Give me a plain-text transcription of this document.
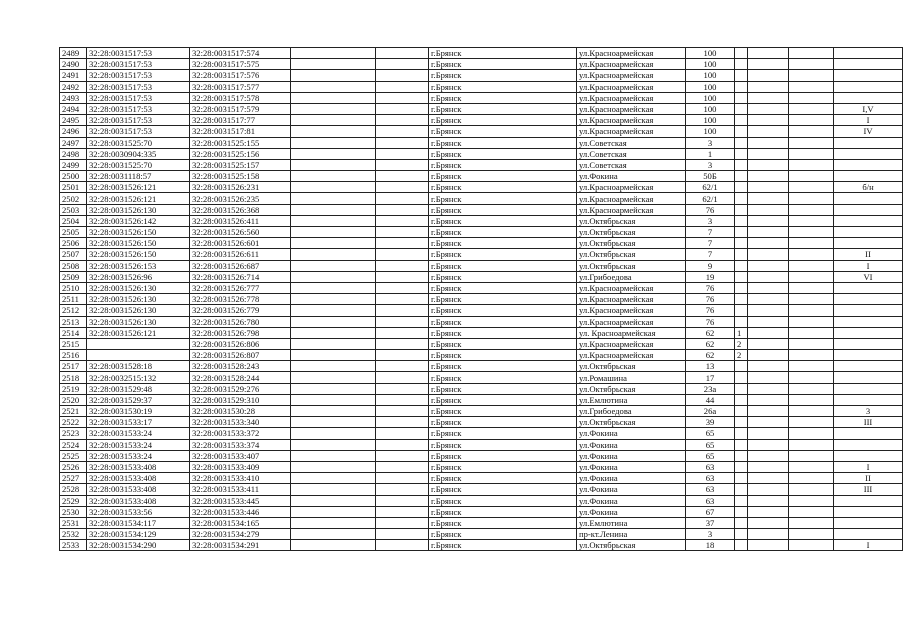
2489	32:28:0031517:53	32:28:0031517:574			г.Брянск	ул.Красноармейская	100				
2490	32:28:0031517:53	32:28:0031517:575			г.Брянск	ул.Красноармейская	100				
2491	32:28:0031517:53	32:28:0031517:576			г.Брянск	ул.Красноармейская	100				
2492	32:28:0031517:53	32:28:0031517:577			г.Брянск	ул.Красноармейская	100				
2493	32:28:0031517:53	32:28:0031517:578			г.Брянск	ул.Красноармейская	100				
2494	32:28:0031517:53	32:28:0031517:579			г.Брянск	ул.Красноармейская	100				I,V
2495	32:28:0031517:53	32:28:0031517:77			г.Брянск	ул.Красноармейская	100				I
2496	32:28:0031517:53	32:28:0031517:81			г.Брянск	ул.Красноармейская	100				IV
2497	32:28:0031525:70	32:28:0031525:155			г.Брянск	ул.Советская	3				
2498	32:28:0030904:335	32:28:0031525:156			г.Брянск	ул.Советская	1				
2499	32:28:0031525:70	32:28:0031525:157			г.Брянск	ул.Советская	3				
2500	32:28:0031118:57	32:28:0031525:158			г.Брянск	ул.Фокина	50Б				
2501	32:28:0031526:121	32:28:0031526:231			г.Брянск	ул.Красноармейская	62/1				б/н
2502	32:28:0031526:121	32:28:0031526:235			г.Брянск	ул.Красноармейская	62/1				
2503	32:28:0031526:130	32:28:0031526:368			г.Брянск	ул.Красноармейская	76				
2504	32:28:0031526:142	32:28:0031526:411			г.Брянск	ул.Октябрьская	3				
2505	32:28:0031526:150	32:28:0031526:560			г.Брянск	ул.Октябрьская	7				
2506	32:28:0031526:150	32:28:0031526:601			г.Брянск	ул.Октябрьская	7				
2507	32:28:0031526:150	32:28:0031526:611			г.Брянск	ул.Октябрьская	7				II
2508	32:28:0031526:153	32:28:0031526:687			г.Брянск	ул.Октябрьская	9				I
2509	32:28:0031526:96	32:28:0031526:714			г.Брянск	ул.Грибоедова	19				VI
2510	32:28:0031526:130	32:28:0031526:777			г.Брянск	ул.Красноармейская	76				
2511	32:28:0031526:130	32:28:0031526:778			г.Брянск	ул.Красноармейская	76				
2512	32:28:0031526:130	32:28:0031526:779			г.Брянск	ул.Красноармейская	76				
2513	32:28:0031526:130	32:28:0031526:780			г.Брянск	ул.Красноармейская	76				
2514	32:28:0031526:121	32:28:0031526:798			г.Брянск	ул. Красноармейская	62	1			
2515		32:28:0031526:806			г.Брянск	ул.Красноармейская	62	2			
2516		32:28:0031526:807			г.Брянск	ул.Красноармейская	62	2			
2517	32:28:0031528:18	32:28:0031528:243			г.Брянск	ул.Октябрьская	13				
2518	32:28:0032515:132	32:28:0031528:244			г.Брянск	ул.Ромашина	17				
2519	32:28:0031529:48	32:28:0031529:276			г.Брянск	ул.Октябрьская	23а				
2520	32:28:0031529:37	32:28:0031529:310			г.Брянск	ул.Емлютина	44				
2521	32:28:0031530:19	32:28:0031530:28			г.Брянск	ул.Грибоедова	26а				3
2522	32:28:0031533:17	32:28:0031533:340			г.Брянск	ул.Октябрьская	39				III
2523	32:28:0031533:24	32:28:0031533:372			г.Брянск	ул.Фокина	65				
2524	32:28:0031533:24	32:28:0031533:374			г.Брянск	ул.Фокина	65				
2525	32:28:0031533:24	32:28:0031533:407			г.Брянск	ул.Фокина	65				
2526	32:28:0031533:408	32:28:0031533:409			г.Брянск	ул.Фокина	63				I
2527	32:28:0031533:408	32:28:0031533:410			г.Брянск	ул.Фокина	63				II
2528	32:28:0031533:408	32:28:0031533:411			г.Брянск	ул.Фокина	63				III
2529	32:28:0031533:408	32:28:0031533:445			г.Брянск	ул.Фокина	63				
2530	32:28:0031533:56	32:28:0031533:446			г.Брянск	ул.Фокина	67				
2531	32:28:0031534:117	32:28:0031534:165			г.Брянск	ул.Емлютина	37				
2532	32:28:0031534:129	32:28:0031534:279			г.Брянск	пр-кт.Ленина	3				
2533	32:28:0031534:290	32:28:0031534:291			г.Брянск	ул.Октябрьская	18				I
